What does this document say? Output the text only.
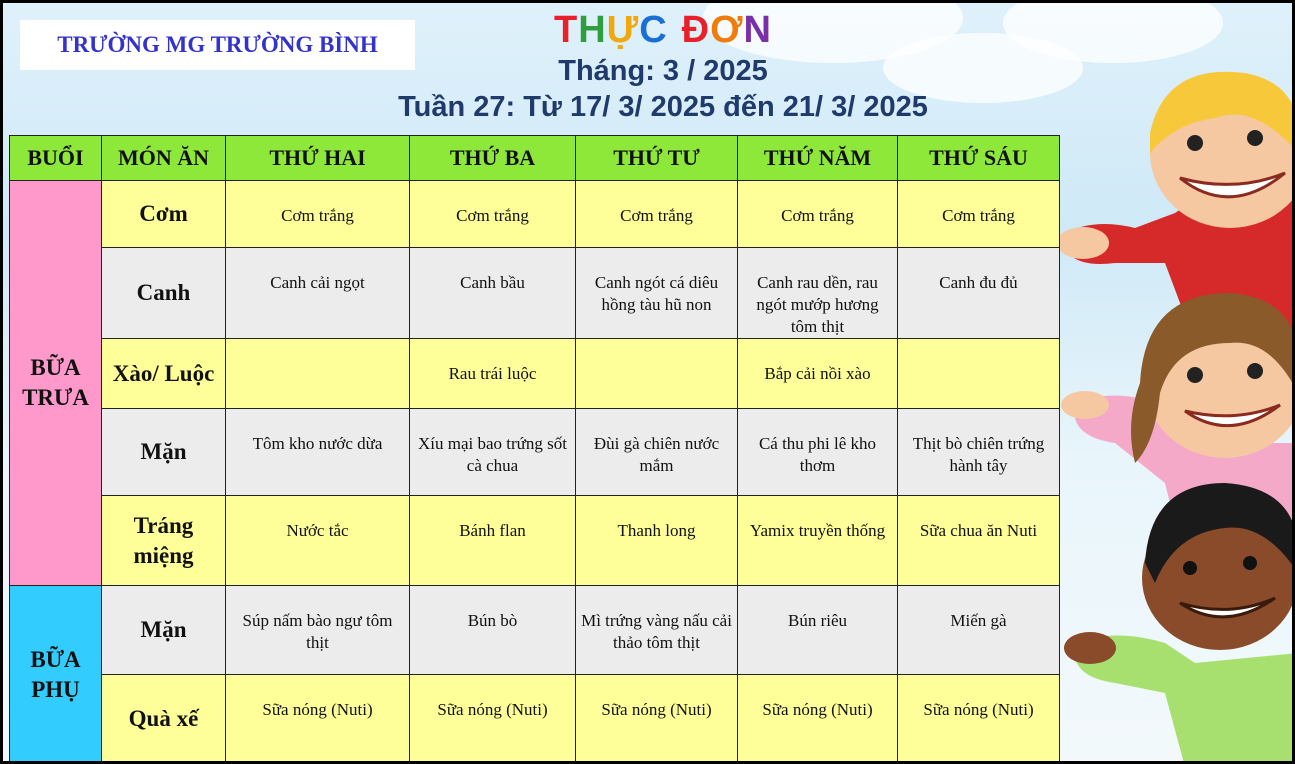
TRƯỜNG MG TRƯỜNG BÌNH	THỰC ĐƠN
Tháng: 3 / 2025
Tuần 27: Từ 17/ 3/ 2025 đến 21/ 3/ 2025
BUỔI	MÓN ĂN	THỨ HAI	THỨ BA	THỨ TƯ	THỨ NĂM	THỨ SÁU
BỮA TRƯA	Cơm	Cơm trắng	Cơm trắng	Cơm trắng	Cơm trắng	Cơm trắng
	Canh	Canh cải ngọt	Canh bầu	Canh ngót cá diêu hồng tàu hũ non	Canh rau dền, rau ngót mướp hương tôm thịt	Canh đu đủ
	Xào/ Luộc		Rau trái luộc		Bắp cải nồi xào	
	Mặn	Tôm kho nước dừa	Xíu mại bao trứng sốt cà chua	Đùi gà chiên nước mắm	Cá thu phi lê kho thơm	Thịt bò chiên trứng hành tây
	Tráng miệng	Nước tắc	Bánh flan	Thanh long	Yamix truyền thống	Sữa chua ăn Nuti
BỮA PHỤ	Mặn	Súp nấm bào ngư tôm thịt	Bún bò	Mì trứng vàng nấu cải thảo tôm thịt	Bún riêu	Miến gà
	Quà xế	Sữa nóng (Nuti)	Sữa nóng (Nuti)	Sữa nóng (Nuti)	Sữa nóng (Nuti)	Sữa nóng (Nuti)
